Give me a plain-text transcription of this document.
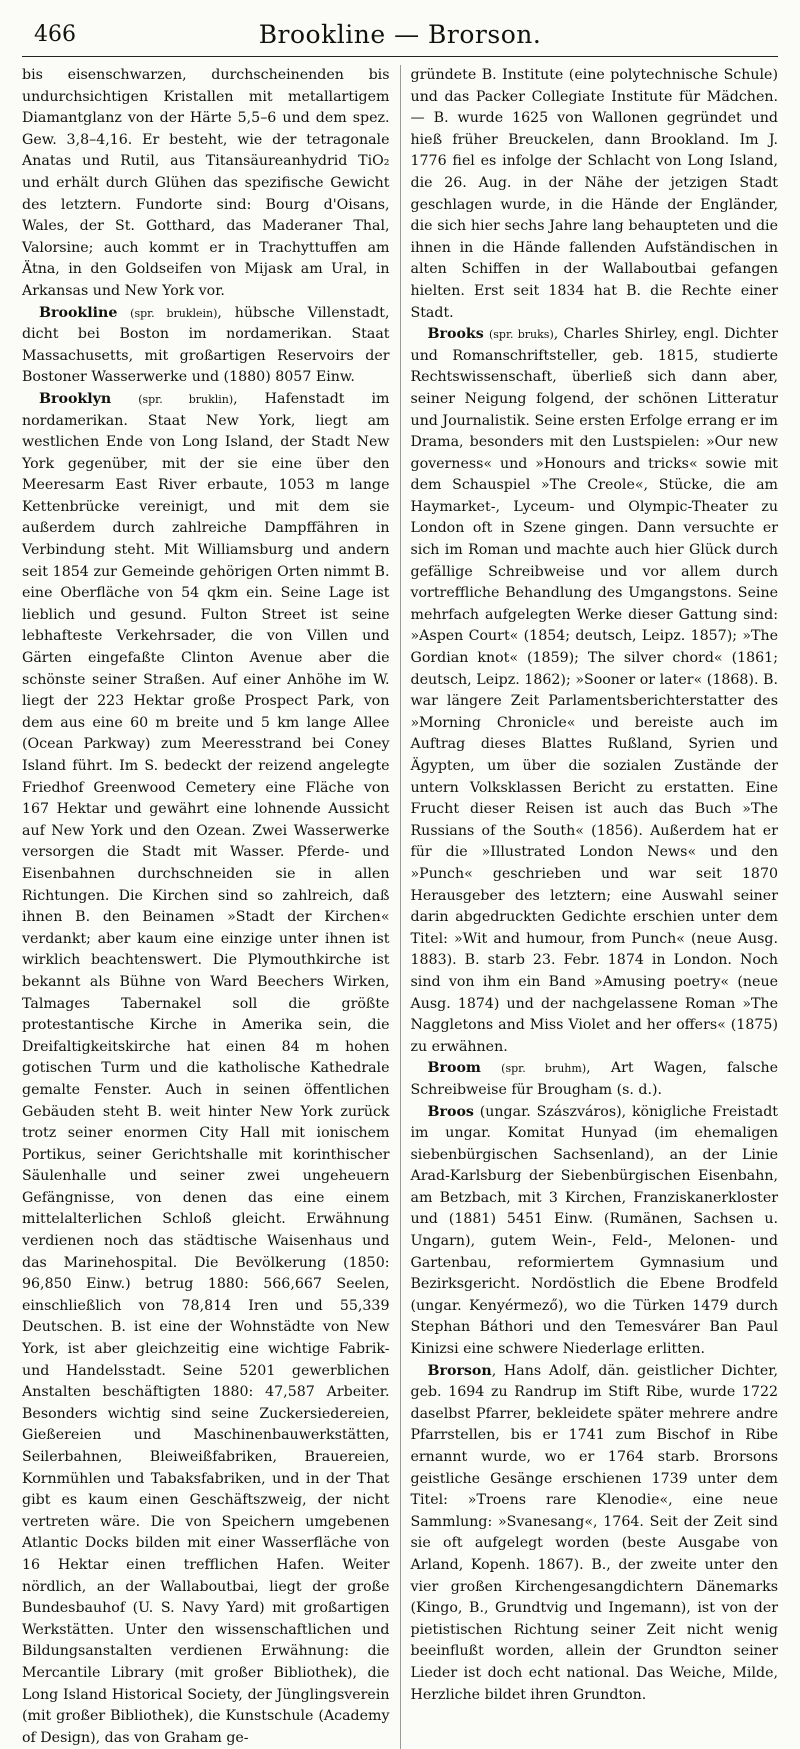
466	Brookline — Brorson.

bis eisenschwarzen, durchscheinenden bis undurchsichtigen Kristallen mit metallartigem Diamantglanz von der Härte 5,5–6 und dem spez. Gew. 3,8–4,16. Er besteht, wie der tetragonale Anatas und Rutil, aus Titansäureanhydrid TiO₂ und erhält durch Glühen das spezifische Gewicht des letztern. Fundorte sind: Bourg d'Oisans, Wales, der St. Gotthard, das Maderaner Thal, Valorsine; auch kommt er in Trachyttuffen am Ätna, in den Goldseifen von Mijask am Ural, in Arkansas und New York vor.

Brookline (spr. bruklein), hübsche Villenstadt, dicht bei Boston im nordamerikan. Staat Massachusetts, mit großartigen Reservoirs der Bostoner Wasserwerke und (1880) 8057 Einw.

Brooklyn (spr. bruklin), Hafenstadt im nordamerikan. Staat New York, liegt am westlichen Ende von Long Island, der Stadt New York gegenüber, mit der sie eine über den Meeresarm East River erbaute, 1053 m lange Kettenbrücke vereinigt, und mit dem sie außerdem durch zahlreiche Dampffähren in Verbindung steht. Mit Williamsburg und andern seit 1854 zur Gemeinde gehörigen Orten nimmt B. eine Oberfläche von 54 qkm ein. Seine Lage ist lieblich und gesund. Fulton Street ist seine lebhafteste Verkehrsader, die von Villen und Gärten eingefaßte Clinton Avenue aber die schönste seiner Straßen. Auf einer Anhöhe im W. liegt der 223 Hektar große Prospect Park, von dem aus eine 60 m breite und 5 km lange Allee (Ocean Parkway) zum Meeresstrand bei Coney Island führt. Im S. bedeckt der reizend angelegte Friedhof Greenwood Cemetery eine Fläche von 167 Hektar und gewährt eine lohnende Aussicht auf New York und den Ozean. Zwei Wasserwerke versorgen die Stadt mit Wasser. Pferde- und Eisenbahnen durchschneiden sie in allen Richtungen. Die Kirchen sind so zahlreich, daß ihnen B. den Beinamen »Stadt der Kirchen« verdankt; aber kaum eine einzige unter ihnen ist wirklich beachtenswert. Die Plymouthkirche ist bekannt als Bühne von Ward Beechers Wirken, Talmages Tabernakel soll die größte protestantische Kirche in Amerika sein, die Dreifaltigkeitskirche hat einen 84 m hohen gotischen Turm und die katholische Kathedrale gemalte Fenster. Auch in seinen öffentlichen Gebäuden steht B. weit hinter New York zurück trotz seiner enormen City Hall mit ionischem Portikus, seiner Gerichtshalle mit korinthischer Säulenhalle und seiner zwei ungeheuern Gefängnisse, von denen das eine einem mittelalterlichen Schloß gleicht. Erwähnung verdienen noch das städtische Waisenhaus und das Marinehospital. Die Bevölkerung (1850: 96,850 Einw.) betrug 1880: 566,667 Seelen, einschließlich von 78,814 Iren und 55,339 Deutschen. B. ist eine der Wohnstädte von New York, ist aber gleichzeitig eine wichtige Fabrik- und Handelsstadt. Seine 5201 gewerblichen Anstalten beschäftigten 1880: 47,587 Arbeiter. Besonders wichtig sind seine Zuckersiedereien, Gießereien und Maschinenbauwerkstätten, Seilerbahnen, Bleiweißfabriken, Brauereien, Kornmühlen und Tabaksfabriken, und in der That gibt es kaum einen Geschäftszweig, der nicht vertreten wäre. Die von Speichern umgebenen Atlantic Docks bilden mit einer Wasserfläche von 16 Hektar einen trefflichen Hafen. Weiter nördlich, an der Wallaboutbai, liegt der große Bundesbauhof (U. S. Navy Yard) mit großartigen Werkstätten. Unter den wissenschaftlichen und Bildungsanstalten verdienen Erwähnung: die Mercantile Library (mit großer Bibliothek), die Long Island Historical Society, der Jünglingsverein (mit großer Bibliothek), die Kunstschule (Academy of Design), das von Graham ge-

gründete B. Institute (eine polytechnische Schule) und das Packer Collegiate Institute für Mädchen. — B. wurde 1625 von Wallonen gegründet und hieß früher Breuckelen, dann Brookland. Im J. 1776 fiel es infolge der Schlacht von Long Island, die 26. Aug. in der Nähe der jetzigen Stadt geschlagen wurde, in die Hände der Engländer, die sich hier sechs Jahre lang behaupteten und die ihnen in die Hände fallenden Aufständischen in alten Schiffen in der Wallaboutbai gefangen hielten. Erst seit 1834 hat B. die Rechte einer Stadt.

Brooks (spr. bruks), Charles Shirley, engl. Dichter und Romanschriftsteller, geb. 1815, studierte Rechtswissenschaft, überließ sich dann aber, seiner Neigung folgend, der schönen Litteratur und Journalistik. Seine ersten Erfolge errang er im Drama, besonders mit den Lustspielen: »Our new governess« und »Honours and tricks« sowie mit dem Schauspiel »The Creole«, Stücke, die am Haymarket-, Lyceum- und Olympic-Theater zu London oft in Szene gingen. Dann versuchte er sich im Roman und machte auch hier Glück durch gefällige Schreibweise und vor allem durch vortreffliche Behandlung des Umgangstons. Seine mehrfach aufgelegten Werke dieser Gattung sind: »Aspen Court« (1854; deutsch, Leipz. 1857); »The Gordian knot« (1859); The silver chord« (1861; deutsch, Leipz. 1862); »Sooner or later« (1868). B. war längere Zeit Parlamentsberichterstatter des »Morning Chronicle« und bereiste auch im Auftrag dieses Blattes Rußland, Syrien und Ägypten, um über die sozialen Zustände der untern Volksklassen Bericht zu erstatten. Eine Frucht dieser Reisen ist auch das Buch »The Russians of the South« (1856). Außerdem hat er für die »Illustrated London News« und den »Punch« geschrieben und war seit 1870 Herausgeber des letztern; eine Auswahl seiner darin abgedruckten Gedichte erschien unter dem Titel: »Wit and humour, from Punch« (neue Ausg. 1883). B. starb 23. Febr. 1874 in London. Noch sind von ihm ein Band »Amusing poetry« (neue Ausg. 1874) und der nachgelassene Roman »The Naggletons and Miss Violet and her offers« (1875) zu erwähnen.

Broom (spr. bruhm), Art Wagen, falsche Schreibweise für Brougham (s. d.).

Broos (ungar. Szászváros), königliche Freistadt im ungar. Komitat Hunyad (im ehemaligen siebenbürgischen Sachsenland), an der Linie Arad-Karlsburg der Siebenbürgischen Eisenbahn, am Betzbach, mit 3 Kirchen, Franziskanerkloster und (1881) 5451 Einw. (Rumänen, Sachsen u. Ungarn), gutem Wein-, Feld-, Melonen- und Gartenbau, reformiertem Gymnasium und Bezirksgericht. Nordöstlich die Ebene Brodfeld (ungar. Kenyérmező), wo die Türken 1479 durch Stephan Báthori und den Temesvárer Ban Paul Kinizsi eine schwere Niederlage erlitten.

Brorson, Hans Adolf, dän. geistlicher Dichter, geb. 1694 zu Randrup im Stift Ribe, wurde 1722 daselbst Pfarrer, bekleidete später mehrere andre Pfarrstellen, bis er 1741 zum Bischof in Ribe ernannt wurde, wo er 1764 starb. Brorsons geistliche Gesänge erschienen 1739 unter dem Titel: »Troens rare Klenodie«, eine neue Sammlung: »Svanesang«, 1764. Seit der Zeit sind sie oft aufgelegt worden (beste Ausgabe von Arland, Kopenh. 1867). B., der zweite unter den vier großen Kirchengesangdichtern Dänemarks (Kingo, B., Grundtvig und Ingemann), ist von der pietistischen Richtung seiner Zeit nicht wenig beeinflußt worden, allein der Grundton seiner Lieder ist doch echt national. Das Weiche, Milde, Herzliche bildet ihren Grundton.
